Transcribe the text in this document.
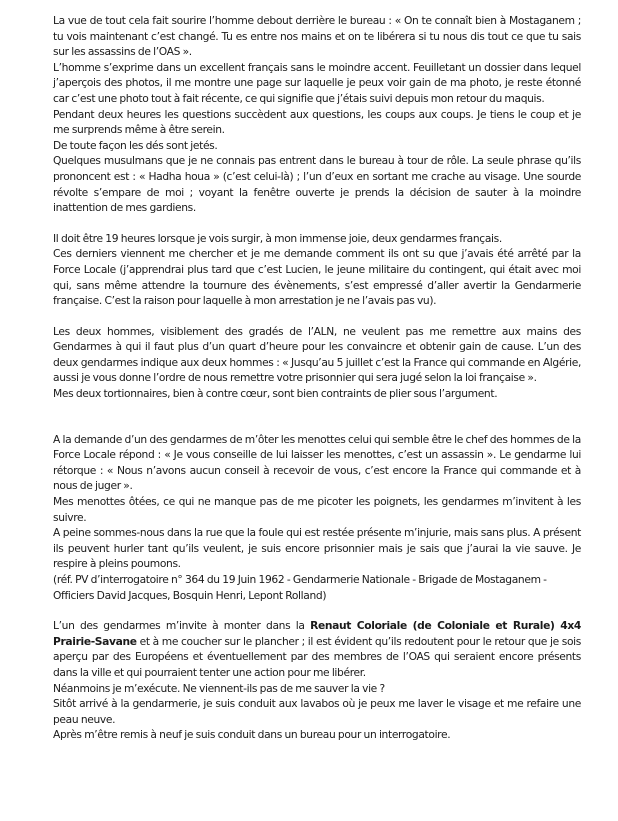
La vue de tout cela fait sourire l’homme debout derrière le bureau : « On te connaît bien à Mostaganem ; tu vois maintenant c’est changé. Tu es entre nos mains et on te libérera si tu nous dis tout ce que tu sais sur les assassins de l’OAS ».

L’homme s’exprime dans un excellent français sans le moindre accent. Feuilletant un dossier dans lequel j’aperçois des photos, il me montre une page sur laquelle je peux voir gain de ma photo, je reste étonné car c’est une photo tout à fait récente, ce qui signifie que j’étais suivi depuis mon retour du maquis.

Pendant deux heures les questions succèdent aux questions, les coups aux coups. Je tiens le coup et je me surprends même à être serein.

De toute façon les dés sont jetés.

Quelques musulmans que je ne connais pas entrent dans le bureau à tour de rôle. La seule phrase qu’ils prononcent est : « Hadha houa » (c’est celui-là) ; l’un d’eux en sortant me crache au visage. Une sourde révolte s’empare de moi ; voyant la fenêtre ouverte je prends la décision de sauter à la moindre inattention de mes gardiens.

Il doit être 19 heures lorsque je vois surgir, à mon immense joie, deux gendarmes français.

Ces derniers viennent me chercher et je me demande comment ils ont su que j’avais été arrêté par la Force Locale (j’apprendrai plus tard que c’est Lucien, le jeune militaire du contingent, qui était avec moi qui, sans même attendre la tournure des évènements, s’est empressé d’aller avertir la Gendarmerie française. C’est la raison pour laquelle à mon arrestation je ne l’avais pas vu).

Les deux hommes, visiblement des gradés de l’ALN, ne veulent pas me remettre aux mains des Gendarmes à qui il faut plus d’un quart d’heure pour les convaincre et obtenir gain de cause. L’un des deux gendarmes indique aux deux hommes : « Jusqu’au 5 juillet c’est la France qui commande en Algérie, aussi je vous donne l’ordre de nous remettre votre prisonnier qui sera jugé selon la loi française ».

Mes deux tortionnaires, bien à contre cœur, sont bien contraints de plier sous l’argument.

A la demande d’un des gendarmes de m’ôter les menottes celui qui semble être le chef des hommes de la Force Locale répond : « Je vous conseille de lui laisser les menottes, c’est un assassin ». Le gendarme lui rétorque : « Nous n’avons aucun conseil à recevoir de vous, c’est encore la France qui commande et à nous de juger ».

Mes menottes ôtées, ce qui ne manque pas de me picoter les poignets, les gendarmes m’invitent à les suivre.

A peine sommes-nous dans la rue que la foule qui est restée présente m’injurie, mais sans plus. A présent ils peuvent hurler tant qu’ils veulent, je suis encore prisonnier mais je sais que j’aurai la vie sauve. Je respire à pleins poumons.

(réf. PV d’interrogatoire n° 364 du 19 Juin 1962 - Gendarmerie Nationale - Brigade de Mostaganem - Officiers David Jacques, Bosquin Henri, Lepont Rolland)

L’un des gendarmes m’invite à monter dans la Renaut Coloriale (de Coloniale et Rurale) 4x4 Prairie-Savane et à me coucher sur le plancher ; il est évident qu’ils redoutent pour le retour que je sois aperçu par des Européens et éventuellement par des membres de l’OAS qui seraient encore présents dans la ville et qui pourraient tenter une action pour me libérer.

Néanmoins je m’exécute. Ne viennent-ils pas de me sauver la vie ?

Sitôt arrivé à la gendarmerie, je suis conduit aux lavabos où je peux me laver le visage et me refaire une peau neuve.

Après m’être remis à neuf je suis conduit dans un bureau pour un interrogatoire.
